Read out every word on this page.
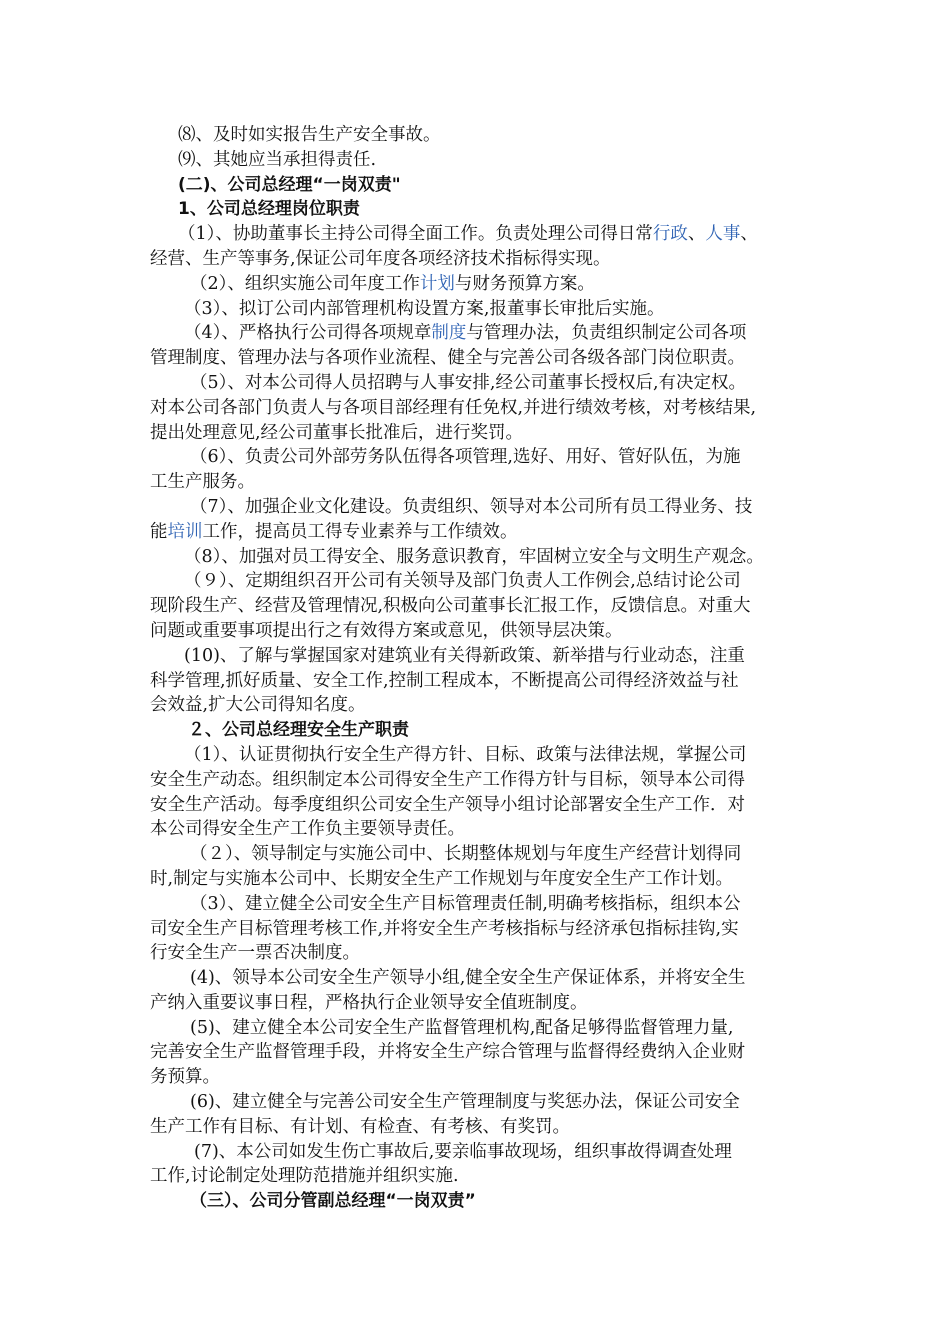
⑻、及时如实报告生产安全事故。
⑼、其她应当承担得责任.
(二)、公司总经理“一岗双责"
1、公司总经理岗位职责
（1）、协助董事长主持公司得全面工作。负责处理公司得日常行政、人事、
经营、生产等事务,保证公司年度各项经济技术指标得实现。
（2）、组织实施公司年度工作计划与财务预算方案。
（3）、拟订公司内部管理机构设置方案,报董事长审批后实施。
（4）、严格执行公司得各项规章制度与管理办法，负责组织制定公司各项
管理制度、管理办法与各项作业流程、健全与完善公司各级各部门岗位职责。
（5）、对本公司得人员招聘与人事安排,经公司董事长授权后,有决定权。
对本公司各部门负责人与各项目部经理有任免权,并进行绩效考核，对考核结果,
提出处理意见,经公司董事长批准后，进行奖罚。
（6）、负责公司外部劳务队伍得各项管理,选好、用好、管好队伍，为施
工生产服务。
（7）、加强企业文化建设。负责组织、领导对本公司所有员工得业务、技
能培训工作，提高员工得专业素养与工作绩效。
（8）、加强对员工得安全、服务意识教育，牢固树立安全与文明生产观念。
（９）、定期组织召开公司有关领导及部门负责人工作例会,总结讨论公司
现阶段生产、经营及管理情况,积极向公司董事长汇报工作，反馈信息。对重大
问题或重要事项提出行之有效得方案或意见，供领导层决策。
(10)、了解与掌握国家对建筑业有关得新政策、新举措与行业动态，注重
科学管理,抓好质量、安全工作,控制工程成本，不断提高公司得经济效益与社
会效益,扩大公司得知名度。
２、公司总经理安全生产职责
（1）、认证贯彻执行安全生产得方针、目标、政策与法律法规，掌握公司
安全生产动态。组织制定本公司得安全生产工作得方针与目标，领导本公司得
安全生产活动。每季度组织公司安全生产领导小组讨论部署安全生产工作．对
本公司得安全生产工作负主要领导责任。
（２）、领导制定与实施公司中、长期整体规划与年度生产经营计划得同
时,制定与实施本公司中、长期安全生产工作规划与年度安全生产工作计划。
（3）、建立健全公司安全生产目标管理责任制,明确考核指标，组织本公
司安全生产目标管理考核工作,并将安全生产考核指标与经济承包指标挂钩,实
行安全生产一票否决制度。
(4)、领导本公司安全生产领导小组,健全安全生产保证体系，并将安全生
产纳入重要议事日程，严格执行企业领导安全值班制度。
(5)、建立健全本公司安全生产监督管理机构,配备足够得监督管理力量,
完善安全生产监督管理手段，并将安全生产综合管理与监督得经费纳入企业财
务预算。
(6)、建立健全与完善公司安全生产管理制度与奖惩办法，保证公司安全
生产工作有目标、有计划、有检查、有考核、有奖罚。
(7)、本公司如发生伤亡事故后,要亲临事故现场，组织事故得调查处理
工作,讨论制定处理防范措施并组织实施.
（三）、公司分管副总经理“一岗双责”
